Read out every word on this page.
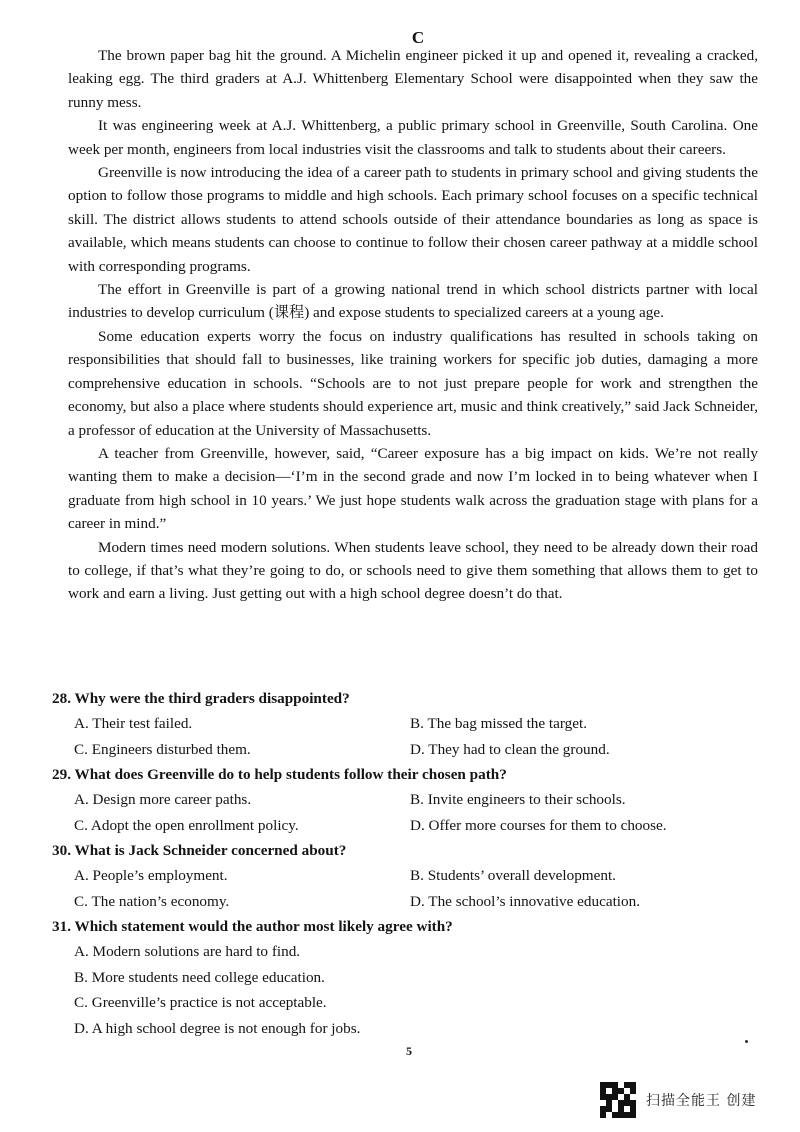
C

The brown paper bag hit the ground. A Michelin engineer picked it up and opened it, revealing a cracked, leaking egg. The third graders at A.J. Whittenberg Elementary School were disappointed when they saw the runny mess.

It was engineering week at A.J. Whittenberg, a public primary school in Greenville, South Carolina. One week per month, engineers from local industries visit the classrooms and talk to students about their careers.

Greenville is now introducing the idea of a career path to students in primary school and giving students the option to follow those programs to middle and high schools. Each primary school focuses on a specific technical skill. The district allows students to attend schools outside of their attendance boundaries as long as space is available, which means students can choose to continue to follow their chosen career pathway at a middle school with corresponding programs.

The effort in Greenville is part of a growing national trend in which school districts partner with local industries to develop curriculum (课程) and expose students to specialized careers at a young age.

Some education experts worry the focus on industry qualifications has resulted in schools taking on responsibilities that should fall to businesses, like training workers for specific job duties, damaging a more comprehensive education in schools. “Schools are to not just prepare people for work and strengthen the economy, but also a place where students should experience art, music and think creatively,” said Jack Schneider, a professor of education at the University of Massachusetts.

A teacher from Greenville, however, said, “Career exposure has a big impact on kids. We’re not really wanting them to make a decision—‘I’m in the second grade and now I’m locked in to being whatever when I graduate from high school in 10 years.’ We just hope students walk across the graduation stage with plans for a career in mind.”

Modern times need modern solutions. When students leave school, they need to be already down their road to college, if that’s what they’re going to do, or schools need to give them something that allows them to get to work and earn a living. Just getting out with a high school degree doesn’t do that.

28. Why were the third graders disappointed?

A. Their test failed.	B. The bag missed the target.
C. Engineers disturbed them.	D. They had to clean the ground.

29. What does Greenville do to help students follow their chosen path?

A. Design more career paths.	B. Invite engineers to their schools.
C. Adopt the open enrollment policy.	D. Offer more courses for them to choose.

30. What is Jack Schneider concerned about?

A. People’s employment.	B. Students’ overall development.
C. The nation’s economy.	D. The school’s innovative education.

31. Which statement would the author most likely agree with?

A. Modern solutions are hard to find.

B. More students need college education.

C. Greenville’s practice is not acceptable.

D. A high school degree is not enough for jobs.

5
扫描全能王 创建
